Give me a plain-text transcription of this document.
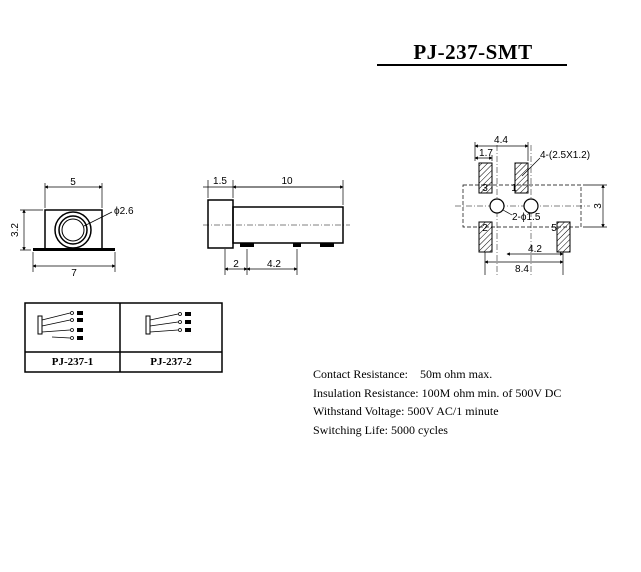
PJ-237-SMT
5
3.2
ϕ2.6
7
1.5	10
2	4.2
3 1
2	5
4.4
1.7	4-(2.5X1.2)
3
2-ϕ1.5
4.2
8.4
PJ-237-1	PJ-237-2
Contact Resistance:    50m ohm max.
Insulation Resistance: 100M ohm min. of 500V DC
Withstand Voltage: 500V AC/1 minute
Switching Life: 5000 cycles
